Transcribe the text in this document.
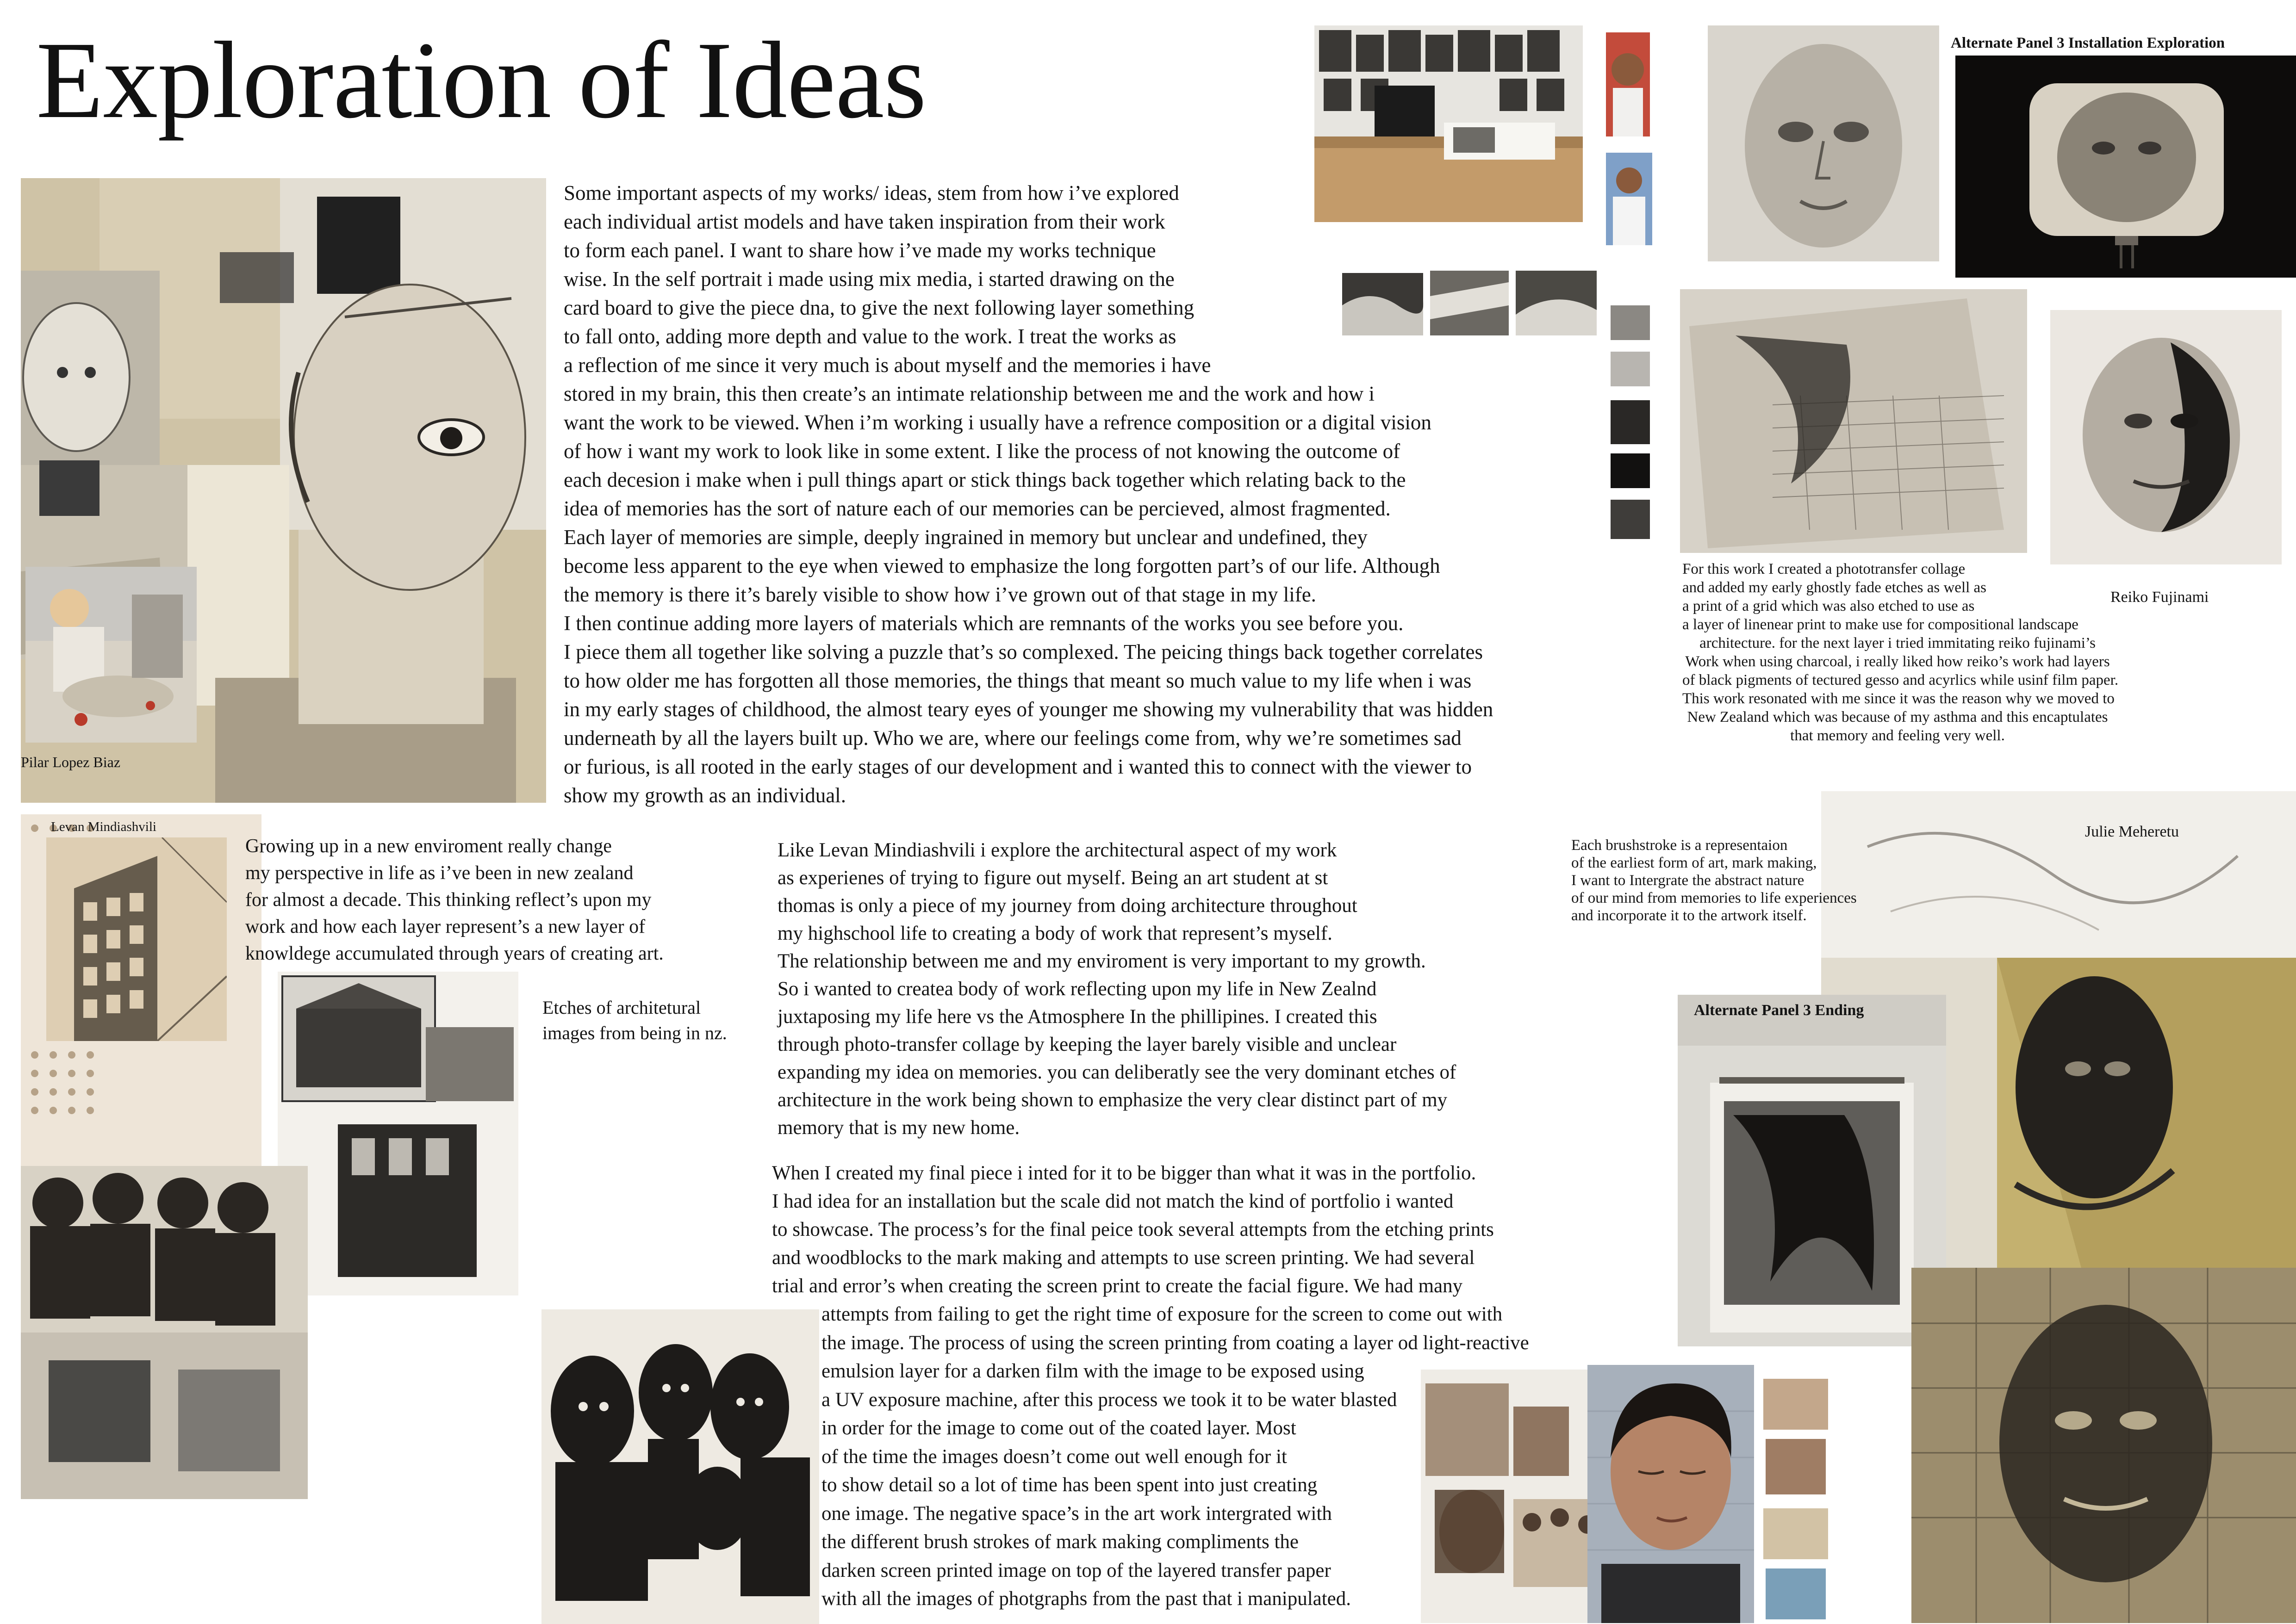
Exploration of Ideas
Some important aspects of my works/ ideas, stem from how i’ve explored
each individual artist models and have taken inspiration from their work
to form each panel. I want to share how i’ve made my works technique
wise. In the self portrait i made using mix media, i started drawing on the
card board to give the piece dna, to give the next following layer something
to fall onto, adding more depth and value to the work. I treat the works as
a reflection of me since it very much is about myself and the memories i have
stored in my brain, this then create’s an intimate relationship between me and the work and how i
want the work to be viewed. When i’m working i usually have a refrence composition or a digital vision
of how i want my work to look like in some extent. I like the process of not knowing the outcome of
each decesion i make when i pull things apart or stick things back together which relating back to the
idea of memories has the sort of nature each of our memories can be percieved, almost fragmented.
Each layer of memories are simple, deeply ingrained in memory but unclear and undefined, they
become less apparent to the eye when viewed to emphasize the long forgotten part’s of our life. Although
the memory is there it’s barely visible to show how i’ve grown out of that stage in my life.
I then continue adding more layers of materials which are remnants of the works you see before you.
I piece them all together like solving a puzzle that’s so complexed. The peicing things back together correlates
to how older me has forgotten all those memories, the things that meant so much value to my life when i was
in my early stages of childhood, the almost teary eyes of younger me showing my vulnerability that was hidden
underneath by all the layers built up. Who we are, where our feelings come from, why we’re sometimes sad
or furious, is all rooted in the early stages of our development and i wanted this to connect with the viewer to
show my growth as an individual.
Growing up in a new enviroment really change
my perspective in life as i’ve been in new zealand
for almost a decade. This thinking reflect’s upon my
work and how each layer represent’s a new layer of
knowldege accumulated through years of creating art.
Like Levan Mindiashvili i explore the architectural aspect of my work
as experienes of trying to figure out myself. Being an art student at st
thomas is only a piece of my journey from doing architecture throughout
my highschool life to creating a body of work that represent’s myself.
The relationship between me and my enviroment is very important to my growth.
So i wanted to createa body of work reflecting upon my life in New Zealnd
juxtaposing my life here vs the Atmosphere In the phillipines. I created this
through photo-transfer collage by keeping the layer barely visible and unclear
expanding my idea on memories. you can deliberatly see the very dominant etches of
architecture in the work being shown to emphasize the very clear distinct part of my
memory that is my new home.
When I created my final piece i inted for it to be bigger than what it was in the portfolio.
I had idea for an installation but the scale did not match the kind of portfolio i wanted
to showcase. The process’s for the final peice took several attempts from the etching prints
and woodblocks to the mark making and attempts to use screen printing. We had several
trial and error’s when creating the screen print to create the facial figure. We had many
attempts from failing to get the right time of exposure for the screen to come out with
the image. The process of using the screen printing from coating a layer od light-reactive
emulsion layer for a darken film with the image to be exposed using
a UV exposure machine, after this process we took it to be water blasted
in order for the image to come out of the coated layer. Most
of the time the images doesn’t come out well enough for it
to show detail so a lot of time has been spent into just creating
one image. The negative space’s in the art work intergrated with
the different brush strokes of mark making compliments the
darken screen printed image on top of the layered transfer paper
with all the images of photgraphs from the past that i manipulated.
For this work I created a phototransfer collage
and added my early ghostly fade etches as well as
a print of a grid which was also etched to use as
a layer of linenear print to make use for compositional landscape
architecture. for the next layer i tried immitating reiko fujinami’s
Work when using charcoal, i really liked how reiko’s work had layers
of black pigments of tectured gesso and acyrlics while usinf film paper.
This work resonated with me since it was the reason why we moved to
New Zealand which was because of my asthma and this encaptulates
that memory and feeling very well.
Each brushstroke is a representaion
of the earliest form of art, mark making,
I want to Intergrate the abstract nature
of our mind from memories to life experiences
and incorporate it to the artwork itself.
Pilar Lopez Biaz
Levan Mindiashvili
Etches of architetural
images from being in nz.
Reiko Fujinami
Julie Meheretu
Alternate Panel 3 Installation Exploration
Alternate Panel 3 Ending
